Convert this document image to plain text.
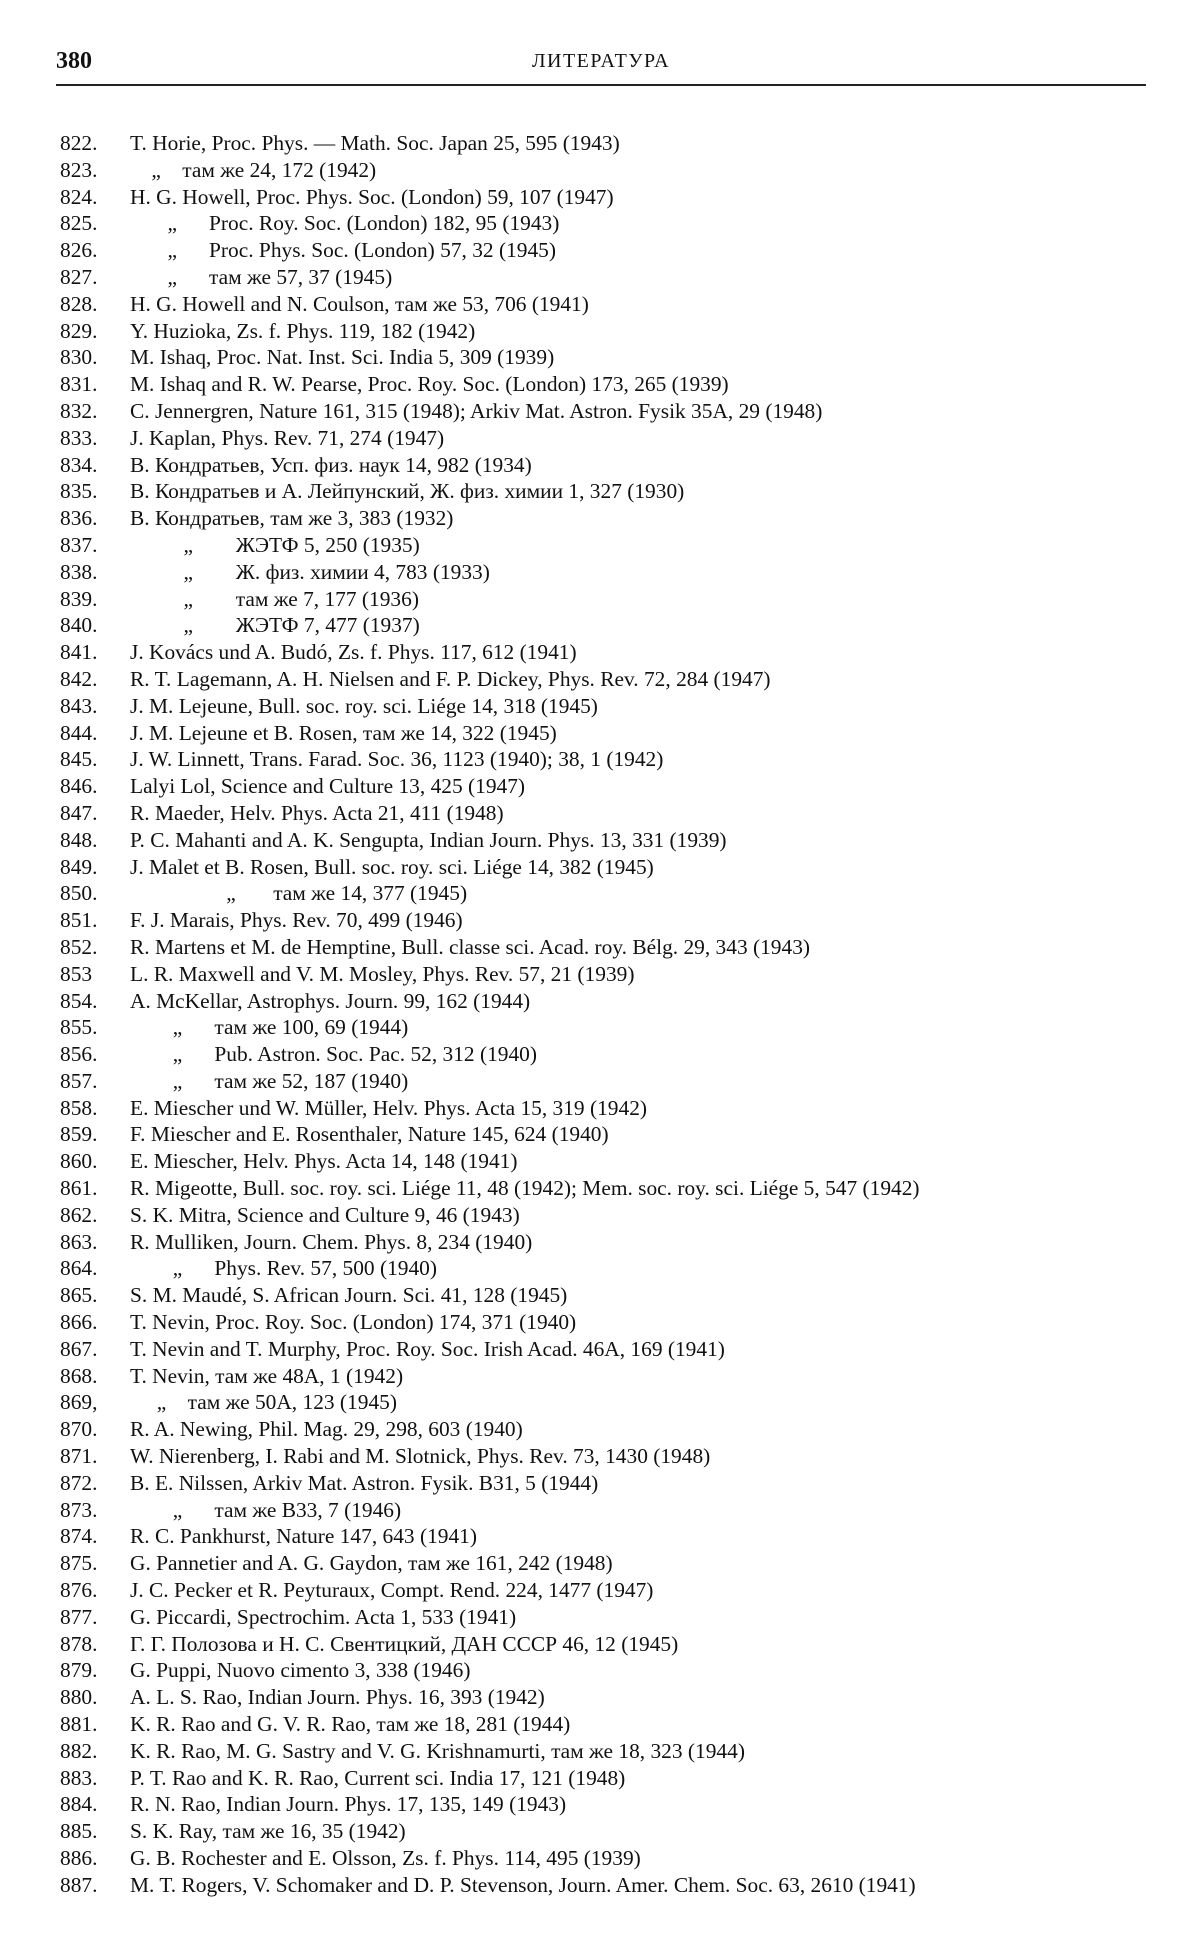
380	ЛИТЕРАТУРА
822.	T. Horie, Proc. Phys. — Math. Soc. Japan 25, 595 (1943)
823.	„    там же 24, 172 (1942)
824.	H. G. Howell, Proc. Phys. Soc. (London) 59, 107 (1947)
825.	„      Proc. Roy. Soc. (London) 182, 95 (1943)
826.	„      Proc. Phys. Soc. (London) 57, 32 (1945)
827.	„      там же 57, 37 (1945)
828.	H. G. Howell and N. Coulson, там же 53, 706 (1941)
829.	Y. Huzioka, Zs. f. Phys. 119, 182 (1942)
830.	M. Ishaq, Proc. Nat. Inst. Sci. India 5, 309 (1939)
831.	M. Ishaq and R. W. Pearse, Proc. Roy. Soc. (London) 173, 265 (1939)
832.	C. Jennergren, Nature 161, 315 (1948); Arkiv Mat. Astron. Fysik 35A, 29 (1948)
833.	J. Kaplan, Phys. Rev. 71, 274 (1947)
834.	В. Кондратьев, Усп. физ. наук 14, 982 (1934)
835.	В. Кондратьев и А. Лейпунский, Ж. физ. химии 1, 327 (1930)
836.	В. Кондратьев, там же 3, 383 (1932)
837.	„        ЖЭТФ 5, 250 (1935)
838.	„        Ж. физ. химии 4, 783 (1933)
839.	„        там же 7, 177 (1936)
840.	„        ЖЭТФ 7, 477 (1937)
841.	J. Kovács und A. Budó, Zs. f. Phys. 117, 612 (1941)
842.	R. T. Lagemann, A. H. Nielsen and F. P. Dickey, Phys. Rev. 72, 284 (1947)
843.	J. M. Lejeune, Bull. soc. roy. sci. Liége 14, 318 (1945)
844.	J. M. Lejeune et B. Rosen, там же 14, 322 (1945)
845.	J. W. Linnett, Trans. Farad. Soc. 36, 1123 (1940); 38, 1 (1942)
846.	Lalyi Lol, Science and Culture 13, 425 (1947)
847.	R. Maeder, Helv. Phys. Acta 21, 411 (1948)
848.	P. C. Mahanti and A. K. Sengupta, Indian Journ. Phys. 13, 331 (1939)
849.	J. Malet et B. Rosen, Bull. soc. roy. sci. Liége 14, 382 (1945)
850.	„       там же 14, 377 (1945)
851.	F. J. Marais, Phys. Rev. 70, 499 (1946)
852.	R. Martens et M. de Hemptine, Bull. classe sci. Acad. roy. Bélg. 29, 343 (1943)
853	L. R. Maxwell and V. M. Mosley, Phys. Rev. 57, 21 (1939)
854.	A. McKellar, Astrophys. Journ. 99, 162 (1944)
855.	„      там же 100, 69 (1944)
856.	„      Pub. Astron. Soc. Pac. 52, 312 (1940)
857.	„      там же 52, 187 (1940)
858.	E. Miescher und W. Müller, Helv. Phys. Acta 15, 319 (1942)
859.	F. Miescher and E. Rosenthaler, Nature 145, 624 (1940)
860.	E. Miescher, Helv. Phys. Acta 14, 148 (1941)
861.	R. Migeotte, Bull. soc. roy. sci. Liége 11, 48 (1942); Mem. soc. roy. sci. Liége 5, 547 (1942)
862.	S. K. Mitra, Science and Culture 9, 46 (1943)
863.	R. Mulliken, Journ. Chem. Phys. 8, 234 (1940)
864.	„      Phys. Rev. 57, 500 (1940)
865.	S. M. Maudé, S. African Journ. Sci. 41, 128 (1945)
866.	T. Nevin, Proc. Roy. Soc. (London) 174, 371 (1940)
867.	T. Nevin and T. Murphy, Proc. Roy. Soc. Irish Acad. 46A, 169 (1941)
868.	T. Nevin, там же 48A, 1 (1942)
869,	„    там же 50A, 123 (1945)
870.	R. A. Newing, Phil. Mag. 29, 298, 603 (1940)
871.	W. Nierenberg, I. Rabi and M. Slotnick, Phys. Rev. 73, 1430 (1948)
872.	B. E. Nilssen, Arkiv Mat. Astron. Fysik. B31, 5 (1944)
873.	„      там же B33, 7 (1946)
874.	R. C. Pankhurst, Nature 147, 643 (1941)
875.	G. Pannetier and A. G. Gaydon, там же 161, 242 (1948)
876.	J. C. Pecker et R. Peyturaux, Compt. Rend. 224, 1477 (1947)
877.	G. Piccardi, Spectrochim. Acta 1, 533 (1941)
878.	Г. Г. Полозова и Н. С. Свентицкий, ДАН СССР 46, 12 (1945)
879.	G. Puppi, Nuovo cimento 3, 338 (1946)
880.	A. L. S. Rao, Indian Journ. Phys. 16, 393 (1942)
881.	K. R. Rao and G. V. R. Rao, там же 18, 281 (1944)
882.	K. R. Rao, M. G. Sastry and V. G. Krishnamurti, там же 18, 323 (1944)
883.	P. T. Rao and K. R. Rao, Current sci. India 17, 121 (1948)
884.	R. N. Rao, Indian Journ. Phys. 17, 135, 149 (1943)
885.	S. K. Ray, там же 16, 35 (1942)
886.	G. B. Rochester and E. Olsson, Zs. f. Phys. 114, 495 (1939)
887.	M. T. Rogers, V. Schomaker and D. P. Stevenson, Journ. Amer. Chem. Soc. 63, 2610 (1941)
